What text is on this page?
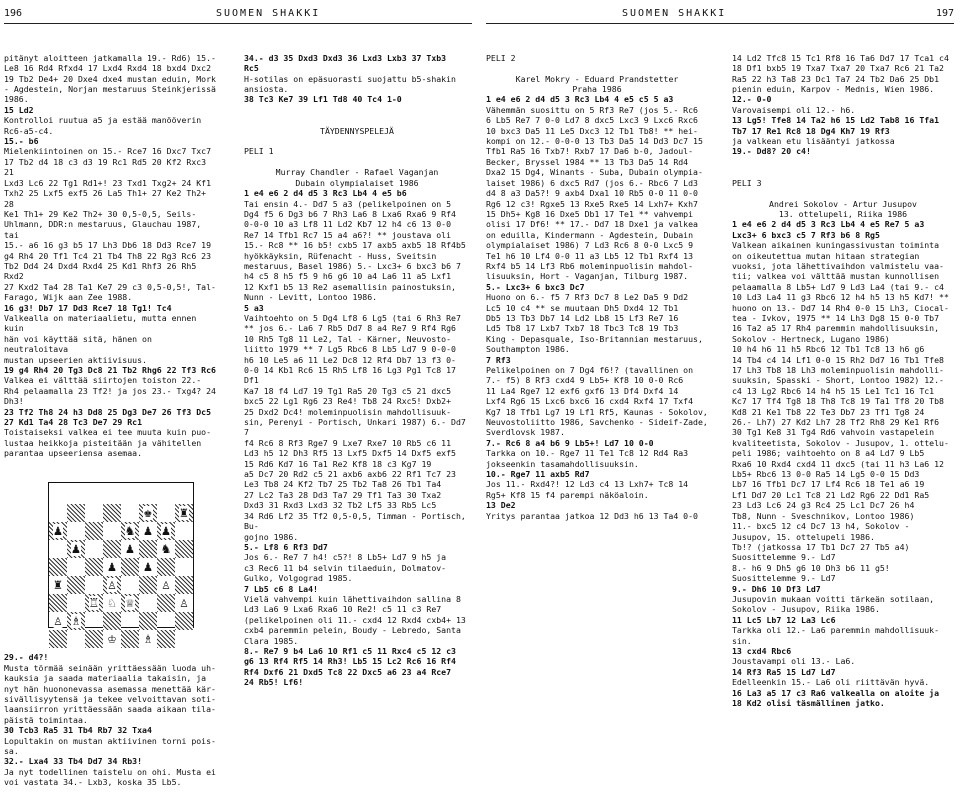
196	SUOMEN SHAKKI

pitänyt aloitteen jatkamalla 19.- Rd6) 15.-
Le8 16 Rd4 Rfxd4 17 Lxd4 Rxd4 18 bxd4 Dxc2
19 Tb2 De4+ 20 Dxe4 dxe4 mustan eduin, Mork
- Agdestein, Norjan mestaruus Steinkjerissä
1986.

15 Ld2

Kontrolloi ruutua a5 ja estää manööverin
Rc6-a5-c4.

15.- b6

Mielenkiintoinen on 15.- Rce7 16 Dxc7 Txc7
17 Tb2 d4 18 c3 d3 19 Rc1 Rd5 20 Kf2 Rxc3 21
Lxd3 Lc6 22 Tg1 Rd1+! 23 Txd1 Txg2+ 24 Kf1
Txh2 25 Lxf5 exf5 26 La5 Th1+ 27 Ke2 Th2+ 28
Ke1 Th1+ 29 Ke2 Th2+ 30 0,5-0,5, Seils-
Uhlmann, DDR:n mestaruus, Glauchau 1987, tai
15.- a6 16 g3 b5 17 Lh3 Db6 18 Dd3 Rce7 19
g4 Rh4 20 Tf1 Tc4 21 Tb4 Th8 22 Rg3 Rc6 23
Tb2 Dd4 24 Dxd4 Rxd4 25 Kd1 Rhf3 26 Rh5 Rxd2
27 Kxd2 Ta4 28 Ta1 Ke7 29 c3 0,5-0,5!, Tal-
Farago, Wijk aan Zee 1988.

16 g3! Db7 17 Dd3 Rce7 18 Tg1! Tc4

Valkealla on materiaalietu, mutta ennen kuin
hän voi käyttää sitä, hänen on neutraloitava
mustan upseerien aktiivisuus.

19 g4 Rh4 20 Tg3 Dc8 21 Tb2 Rhg6 22 Tf3 Rc6

Valkea ei välttää siirtojen toiston 22.-
Rh4 pelaamalla 23 Tf2! ja jos 23.- Txg4? 24
Dh3!

23 Tf2 Th8 24 h3 Dd8 25 Dg3 De7 26 Tf3 Dc5
27 Kd1 Ta4 28 Tc3 De7 29 Rc1

Toistaiseksi valkea ei tee muuta kuin puo-
lustaa heikkoja pisteitään ja vähitellen
parantaa upseeriensa asemaa.

♚ ♜
♟	♞ ♟ ♟
♟	♟ ♞
♟ ♟
♜	♙	♙
♖ ♘ ♕	♙
♙ ♗
♔ ♗

29.- d4?!

Musta törmää seinään yrittäessään luoda uh-
kauksia ja saada materiaalia takaisin, ja
nyt hän huononevassa asemassa menettää kär-
sivällisyytensä ja tekee velvoittavan soti-
laansiirron yrittäessään saada aikaan tila-
päistä toimintaa.

30 Tcb3 Ra5 31 Tb4 Rb7 32 Txa4

Lopultakin on mustan aktiivinen torni pois-
sa.

32.- Lxa4 33 Tb4 Dd7 34 Rb3!

Ja nyt todellinen taistelu on ohi. Musta ei
voi vastata 34.- Lxb3, koska 35 Lb5.

34.- d3 35 Dxd3 Dxd3 36 Lxd3 Lxb3 37 Txb3
Rc5

H-sotilas on epäsuorasti suojattu b5-shakin
ansiosta.

38 Tc3 Ke7 39 Lf1 Td8 40 Tc4 1-0

TÄYDENNYSPELEJÄ

PELI 1

Murray Chandler - Rafael Vaganjan
Dubain olympialaiset 1986

1 e4 e6 2 d4 d5 3 Rc3 Lb4 4 e5 b6

Tai ensin 4.- Dd7 5 a3 (pelikelpoinen on 5
Dg4 f5 6 Dg3 b6 7 Rh3 La6 8 Lxa6 Rxa6 9 Rf4
0-0-0 10 a3 Lf8 11 Ld2 Kb7 12 h4 c6 13 0-0
Re7 14 Tfb1 Rc7 15 a4 a6?! ** joustava oli
15.- Rc8 ** 16 b5! cxb5 17 axb5 axb5 18 Rf4b5
hyökkäyksin, Rüfenacht - Huss, Sveitsin
mestaruus, Basel 1986) 5.- Lxc3+ 6 bxc3 b6 7
h4 c5 8 h5 f5 9 h6 g6 10 a4 La6 11 a5 Lxf1
12 Kxf1 b5 13 Re2 asemallisin painostuksin,
Nunn - Levitt, Lontoo 1986.

5 a3

Vaihtoehto on 5 Dg4 Lf8 6 Lg5 (tai 6 Rh3 Re7
** jos 6.- La6 7 Rb5 Dd7 8 a4 Re7 9 Rf4 Rg6
10 Rh5 Tg8 11 Le2, Tal - Kärner, Neuvosto-
liitto 1979 ** 7 Lg5 Rbc6 8 Lb5 Ld7 9 0-0-0
h6 10 Le5 a6 11 Le2 Dc8 12 Rf4 Db7 13 f3 0-
0-0 14 Kb1 Rc6 15 Rh5 Lf8 16 Lg3 Pg1 Tc8 17 Df1
Ka7 18 f4 Ld7 19 Tg1 Ra5 20 Tg3 c5 21 dxc5
bxc5 22 Lg1 Rg6 23 Re4! Tb8 24 Rxc5! Dxb2+
25 Dxd2 Dc4! moleminpuolisin mahdollisuuk-
sin, Perenyi - Portisch, Unkari 1987) 6.- Dd7 7
f4 Rc6 8 Rf3 Rge7 9 Lxe7 Rxe7 10 Rb5 c6 11
Ld3 h5 12 Dh3 Rf5 13 Lxf5 Dxf5 14 Dxf5 exf5
15 Rd6 Kd7 16 Ta1 Re2 Kf8 18 c3 Kg7 19
a5 Dc7 20 Rd2 c5 21 axb6 axb6 22 Rf1 Tc7 23
Le3 Tb8 24 Kf2 Tb7 25 Tb2 Ta8 26 Tb1 Ta4
27 Lc2 Ta3 28 Dd3 Ta7 29 Tf1 Ta3 30 Txa2
Dxd3 31 Rxd3 Lxd3 32 Tb2 Lf5 33 Rb5 Lc5
34 Rd6 Lf2 35 Tf2 0,5-0,5, Timman - Portisch, Bu-
gojno 1986.

5.- Lf8 6 Rf3 Dd7

Jos 6.- Re7 7 h4! c5?! 8 Lb5+ Ld7 9 h5 ja
c3 Rec6 11 b4 selvin tilaeduin, Dolmatov-
Gulko, Volgograd 1985.

7 Lb5 c6 8 La4!

Vielä vahvempi kuin lähettivaihdon sallina 8
Ld3 La6 9 Lxa6 Rxa6 10 Re2! c5 11 c3 Re7
(pelikelpoinen oli 11.- cxd4 12 Rxd4 cxb4+ 13
cxb4 paremmin pelein, Boudy - Lebredo, Santa
Clara 1985.

8.- Re7 9 b4 La6 10 Rf1 c5 11 Rxc4 c5 12 c3
g6 13 Rf4 Rf5 14 Rh3! Lb5 15 Lc2 Rc6 16 Rf4
Rf4 Dxf6 21 Dxd5 Tc8 22 Dxc5 a6 23 a4 Rce7
24 Rb5! Lf6!

SUOMEN SHAKKI	197

PELI 2

Karel Mokry - Eduard Prandstetter
Praha 1986

1 e4 e6 2 d4 d5 3 Rc3 Lb4 4 e5 c5 5 a3

Vähemmän suosittu on 5 Rf3 Re7 (jos 5.- Rc6
6 Lb5 Re7 7 0-0 Ld7 8 dxc5 Lxc3 9 Lxc6 Rxc6
10 bxc3 Da5 11 Le5 Dxc3 12 Tb1 Tb8! ** hei-
kompi on 12.- 0-0-0 13 Tb3 Da5 14 Dd3 Dc7 15
Tfb1 Ra5 16 Txb7! Rxb7 17 Da6 b-0, Jadoul-
Becker, Bryssel 1984 ** 13 Tb3 Da5 14 Rd4
Dxa2 15 Dg4, Winants - Suba, Dubain olympia-
laiset 1986) 6 dxc5 Rd7 (jos 6.- Rbc6 7 Ld3
d4 8 a3 Da5?! 9 axb4 Dxa1 10 Rb5 0-0 11 0-0
Rg6 12 c3! Rgxe5 13 Rxe5 Rxe5 14 Lxh7+ Kxh7
15 Dh5+ Kg8 16 Dxe5 Db1 17 Te1 ** vahvempi
olisi 17 Df6! ** 17.- Dd7 18 Dxe1 ja valkea
on eduilla, Kindermann - Agdestein, Dubain
olympialaiset 1986) 7 Ld3 Rc6 8 0-0 Lxc5 9
Te1 h6 10 Lf4 0-0 11 a3 Lb5 12 Tb1 Rxf4 13
Rxf4 b5 14 Lf3 Rb6 moleminpuolisin mahdol-
lisuuksin, Hort - Vaganjan, Tilburg 1987.

5.- Lxc3+ 6 bxc3 Dc7

Huono on 6.- f5 7 Rf3 Dc7 8 Le2 Da5 9 Dd2
Lc5 10 c4 ** se muutaan Dh5 Dxd4 12 Tb1
Db5 13 Tb3 Db7 14 Ld2 Lb8 15 Lf3 Re7 16
Ld5 Tb8 17 Lxb7 Txb7 18 Tbc3 Tc8 19 Tb3
King - Depasquale, Iso-Britannian mestaruus,
Southampton 1986.

7 Rf3

Pelikelpoinen on 7 Dg4 f6!? (tavallinen on
7.- f5) 8 Rf3 cxd4 9 Lb5+ Kf8 10 0-0 Rc6
11 La4 Rge7 12 exf6 gxf6 13 Df4 Dxf4 14
Lxf4 Rg6 15 Lxc6 bxc6 16 cxd4 Rxf4 17 Txf4
Kg7 18 Tfb1 Lg7 19 Lf1 Rf5, Kaunas - Sokolov,
Neuvostoliitto 1986, Savchenko - Sideif-Zade,
Sverdlovsk 1987.

7.- Rc6 8 a4 b6 9 Lb5+! Ld7 10 0-0

Tarkka on 10.- Rge7 11 Te1 Tc8 12 Rd4 Ra3
jokseenkin tasamahdollisuuksin.

10.- Rge7 11 axb5 Rd7

Jos 11.- Rxd4?! 12 Ld3 c4 13 Lxh7+ Tc8 14
Rg5+ Kf8 15 f4 parempi näköaloin.

13 De2

Yritys parantaa jatkoa 12 Dd3 h6 13 Ta4 0-0

14 Ld2 Tfc8 15 Tc1 Rf8 16 Ta6 Dd7 17 Tca1 c4
18 Df1 bxb5 19 Txa7 Txa7 20 Txa7 Rc6 21 Ta2
Ra5 22 h3 Ta8 23 Dc1 Ta7 24 Tb2 Da6 25 Db1
pienin eduin, Karpov - Mednis, Wien 1986.

12.- 0-0

Varovaisempi oli 12.- h6.

13 Lg5! Tfe8 14 Ta2 h6 15 Ld2 Tab8 16 Tfa1
Tb7 17 Re1 Rc8 18 Dg4 Kh7 19 Rf3

ja valkean etu lisääntyi jatkossa

19.- Dd8? 20 c4!

PELI 3

Andrei Sokolov - Artur Jusupov
13. ottelupeli, Riika 1986

1 e4 e6 2 d4 d5 3 Rc3 Lb4 4 e5 Re7 5 a3
Lxc3+ 6 bxc3 c5 7 Rf3 b6 8 Rg5

Valkean aikainen kuningassivustan toiminta
on oikeutettua mutan hitaan strategian
vuoksi, jota lähettivaihdon valmistelu vaa-
tii; valkea voi välttää mustan kunnollisen
pelaamalla 8 Lb5+ Ld7 9 Ld3 La4 (tai 9.- c4
10 Ld3 La4 11 g3 Rbc6 12 h4 h5 13 h5 Kd7! **
huono on 13.- Dd7 14 Rh4 0-0 15 Lh3, Ciocal-
tea - Ivkov, 1975 ** 14 Lh3 Dg8 15 0-0 Tb7
16 Ta2 a5 17 Rh4 paremmin mahdollisuuksin,
Sokolov - Hertneck, Lugano 1986)
10 h4 h6 11 h5 Rbc6 12 Tb1 Tc8 13 h6 g6
14 Tb4 c4 14 Lf1 0-0 15 Rh2 Dd7 16 Tb1 Tfe8
17 Lh3 Tb8 18 Lh3 moleminpuolisin mahdolli-
suuksin, Spasski - Short, Lontoo 1982) 12.-
c4 13 Lg2 Rbc6 14 h4 h5 15 Le1 Tc1 16 Tc1
Kc7 17 Tf4 Tg8 18 Th8 Tc8 19 Ta1 Tf8 20 Tb8
Kd8 21 Ke1 Tb8 22 Te3 Db7 23 Tf1 Tg8 24
26.- Lh7) 27 Kd2 Lh7 28 Tf2 Rh8 29 Ke1 Rf6
30 Tg1 Ke8 31 Tg4 Rd6 vahvoin vastapelein
kvaliteetista, Sokolov - Jusupov, 1. ottelu-
peli 1986; vaihtoehto on 8 a4 Ld7 9 Lb5
Rxa6 10 Rxd4 cxd4 11 dxc5 (tai 11 h3 La6 12
Lb5+ Rbc6 13 0-0 Ra5 14 Lg5 0-0 15 Dd3
Lb7 16 Tfb1 Dc7 17 Lf4 Rc6 18 Te1 a6 19
Lf1 Dd7 20 Lc1 Tc8 21 Ld2 Rg6 22 Dd1 Ra5
23 Ld3 Lc6 24 g3 Rc4 25 Lc1 Dc7 26 h4
Tb8, Nunn - Sveschnikov, Lontoo 1986)
11.- bxc5 12 c4 Dc7 13 h4, Sokolov -
Jusupov, 15. ottelupeli 1986.
Tb!? (jatkossa 17 Tb1 Dc7 27 Tb5 a4)
Suosittelemme 9.- Ld7
8.- h6 9 Dh5 g6 10 Dh3 b6 11 g5!
Suosittelemme 9.- Ld7

9.- Dh6 10 Df3 Ld7

Jusupovin mukaan voitti tärkeän sotilaan,
Sokolov - Jusupov, Riika 1986.

11 Lc5 Lb7 12 La3 Lc6

Tarkka oli 12.- La6 paremmin mahdollisuuk-
sin.

13 cxd4 Rbc6

Joustavampi oli 13.- La6.

14 Rf3 Ra5 15 Ld7 Ld7

Edelleenkin 15.- La6 oli riittävän hyvä.

16 La3 a5 17 c3 Ra6 valkealla on aloite ja
18 Kd2 olisi täsmällinen jatko.
